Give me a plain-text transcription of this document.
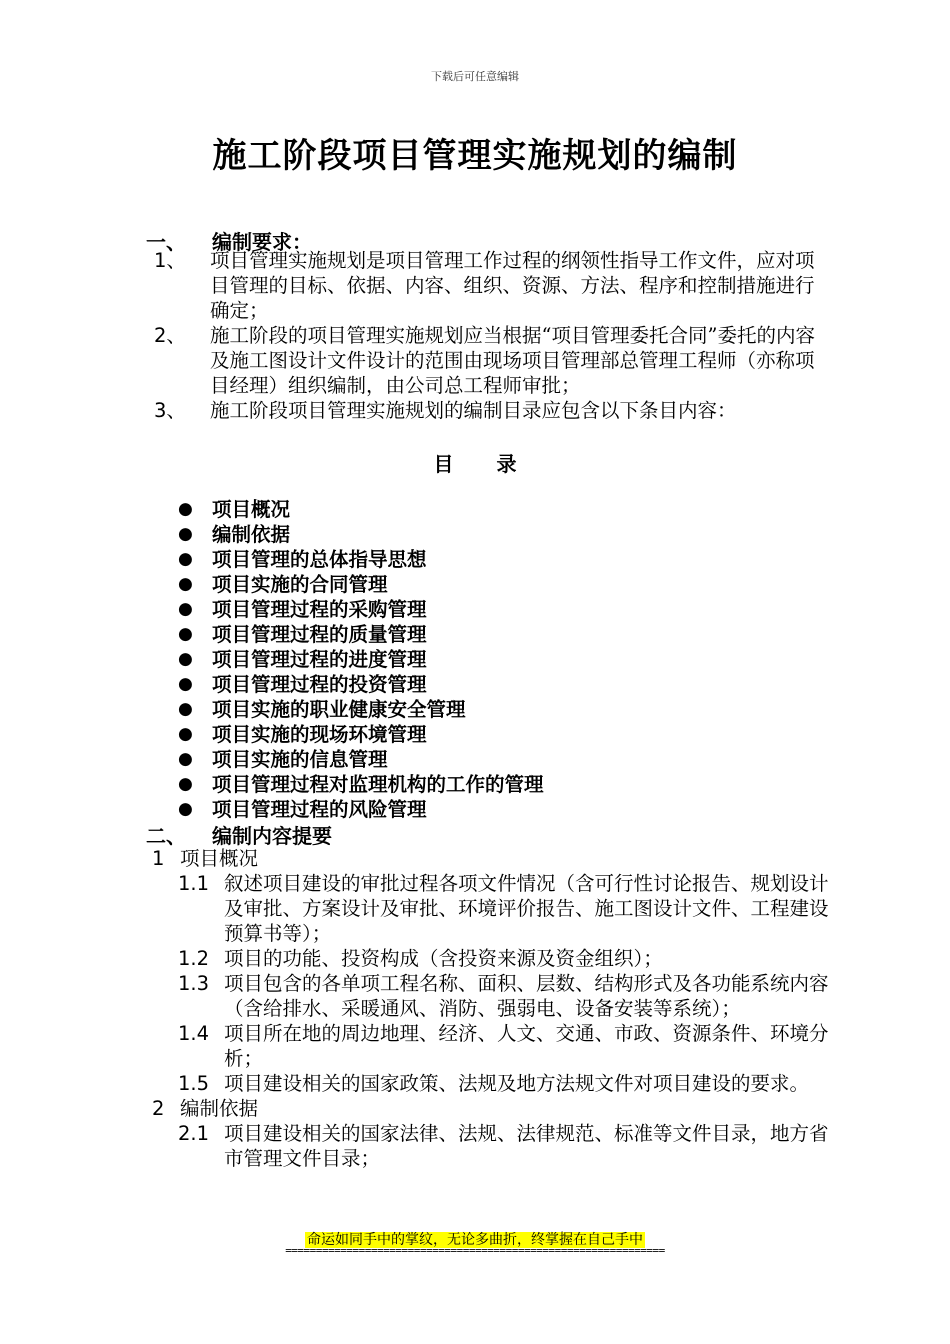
下载后可任意编辑
施工阶段项目管理实施规划的编制
一、	编制要求：
1、	项目管理实施规划是项目管理工作过程的纲领性指导工作文件，应对项目管理的目标、依据、内容、组织、资源、方法、程序和控制措施进行确定；
2、	施工阶段的项目管理实施规划应当根据“项目管理委托合同”委托的内容及施工图设计文件设计的范围由现场项目管理部总管理工程师（亦称项目经理）组织编制，由公司总工程师审批；
3、	施工阶段项目管理实施规划的编制目录应包含以下条目内容：
目 录
● 项目概况
● 编制依据
● 项目管理的总体指导思想
● 项目实施的合同管理
● 项目管理过程的采购管理
● 项目管理过程的质量管理
● 项目管理过程的进度管理
● 项目管理过程的投资管理
● 项目实施的职业健康安全管理
● 项目实施的现场环境管理
● 项目实施的信息管理
● 项目管理过程对监理机构的工作的管理
● 项目管理过程的风险管理
二、	编制内容提要
1 项目概况
1.1 叙述项目建设的审批过程各项文件情况（含可行性讨论报告、规划设计及审批、方案设计及审批、环境评价报告、施工图设计文件、工程建设预算书等）；
1.2 项目的功能、投资构成（含投资来源及资金组织）；
1.3 项目包含的各单项工程名称、面积、层数、结构形式及各功能系统内容（含给排水、采暖通风、消防、强弱电、设备安装等系统）；
1.4 项目所在地的周边地理、经济、人文、交通、市政、资源条件、环境分析；
1.5 项目建设相关的国家政策、法规及地方法规文件对项目建设的要求。
2 编制依据
2.1 项目建设相关的国家法律、法规、法律规范、标准等文件目录，地方省市管理文件目录；
命运如同手中的掌纹，无论多曲折，终掌握在自己手中
==============================================================
